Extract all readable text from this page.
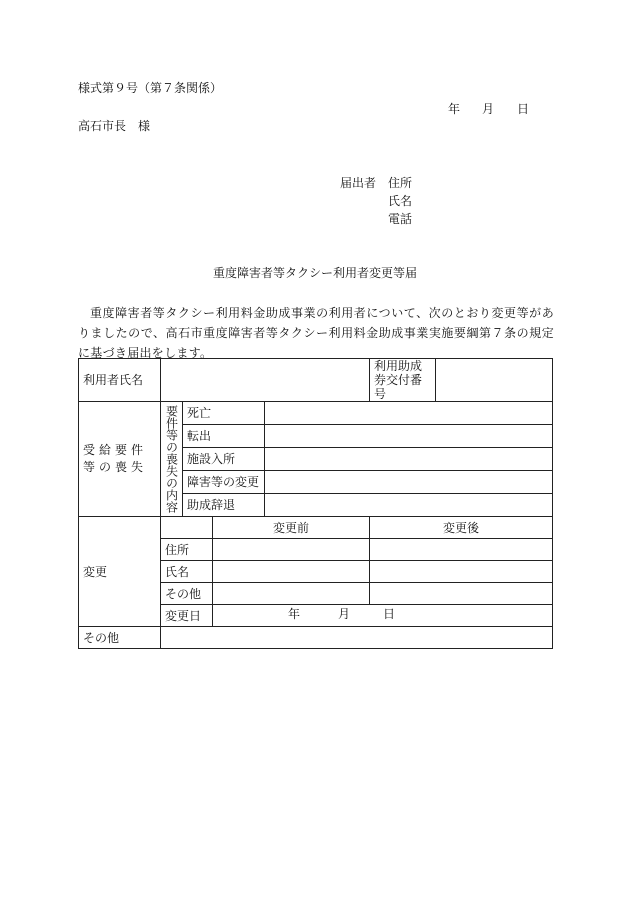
様式第９号（第７条関係）
年 月 日
高石市長　様
届出者 住所
氏名
電話
重度障害者等タクシー利用者変更等届
重度障害者等タクシー利用料金助成事業の利用者について、次のとおり変更等がありましたので、高石市重度障害者等タクシー利用料金助成事業実施要綱第７条の規定に基づき届出をします。
利用者氏名					利用助成券交付番号	
受給要件等の喪失	要件等の喪失の内容	死亡				
		転出				
		施設入所				
		障害等の変更				
		助成辞退				
変更			変更前		変更後	
	住所					
	氏名					
	その他					
	変更日		年 月 日			

その他						
